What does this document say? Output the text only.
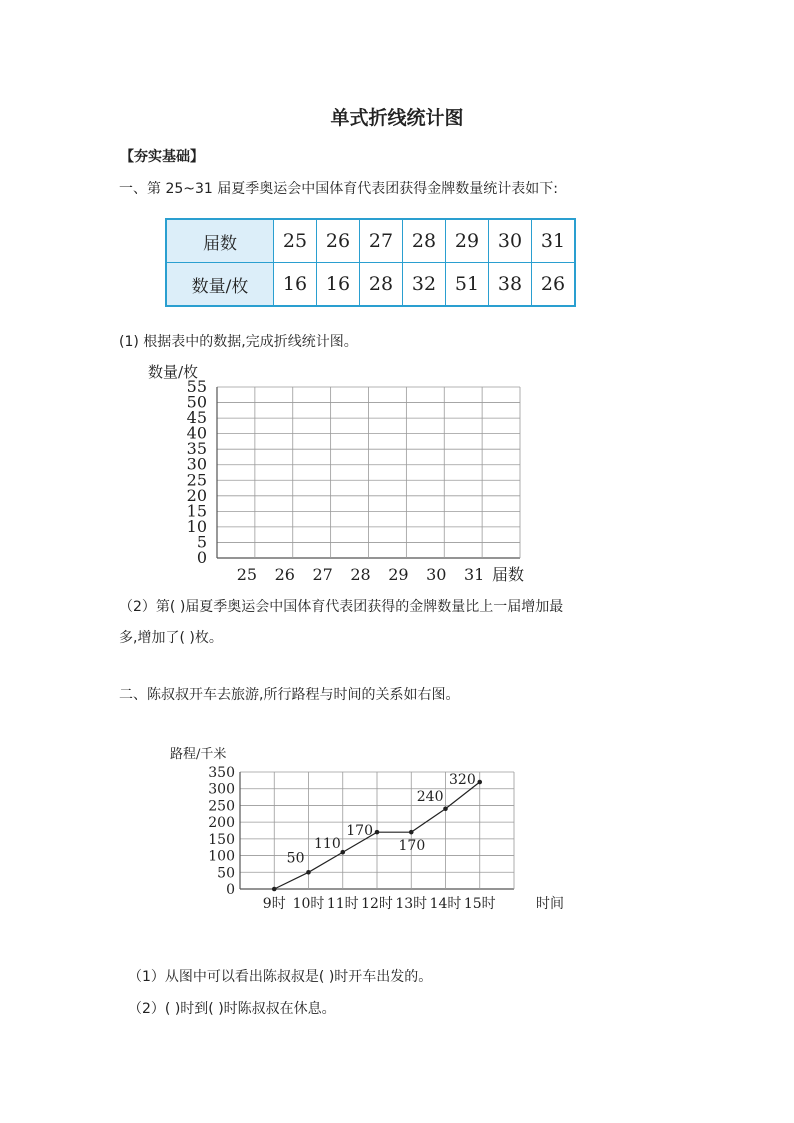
单式折线统计图
【夯实基础】
一、第 25~31 届夏季奥运会中国体育代表团获得金牌数量统计表如下:
届数	25	26	27	28	29	30	31
数量/枚	16	16	28	32	51	38	26
(1) 根据表中的数据,完成折线统计图。
0
5
10
15
20
25
30
35
40
45
50
55
25 26 27 28 29 30 31 届数
数量/枚
（2）第( )届夏季奥运会中国体育代表团获得的金牌数量比上一届增加最
多,增加了( )枚。
二、陈叔叔开车去旅游,所行路程与时间的关系如右图。
0
50
100
150
200
250
300
350
9时 10时 11时 12时 13时 14时 15时	时间
50
110
170
170
240
320
路程/千米
（1）从图中可以看出陈叔叔是( )时开车出发的。
（2）( )时到( )时陈叔叔在休息。
